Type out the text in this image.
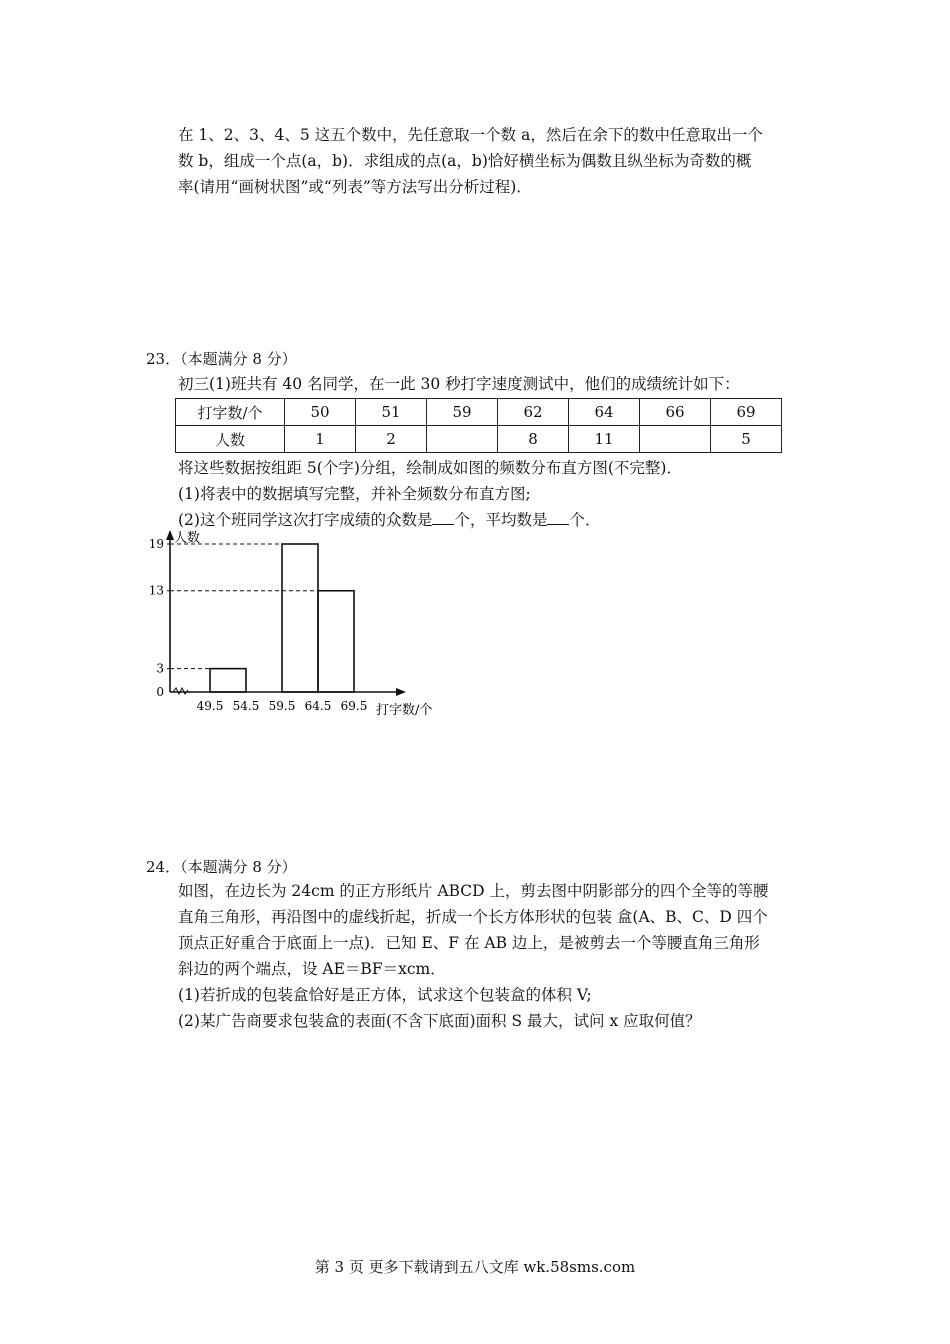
在 1、2、3、4、5 这五个数中，先任意取一个数 a，然后在余下的数中任意取出一个
数 b，组成一个点(a，b)．求组成的点(a，b)恰好横坐标为偶数且纵坐标为奇数的概
率(请用“画树状图”或“列表”等方法写出分析过程)．
23．（本题满分 8 分）
初三(1)班共有 40 名同学，在一此 30 秒打字速度测试中，他们的成绩统计如下：
打字数/个	50	51	59	62	64	66	69
人数	1	2		8	11		5
将这些数据按组距 5(个字)分组，绘制成如图的频数分布直方图(不完整)．
(1)将表中的数据填写完整，并补全频数分布直方图;
(2)这个班同学这次打字成绩的众数是 个，平均数是 个．
人数
打字数/个
0
3
13
19
49.5 54.5 59.5 64.5 69.5
24．（本题满分 8 分）
如图，在边长为 24cm 的正方形纸片 ABCD 上，剪去图中阴影部分的四个全等的等腰
直角三角形，再沿图中的虚线折起，折成一个长方体形状的包装 盒(A、B、C、D 四个
顶点正好重合于底面上一点)．已知 E、F 在 AB 边上，是被剪去一个等腰直角三角形
斜边的两个端点，设 AE＝BF＝xcm．
(1)若折成的包装盒恰好是正方体，试求这个包装盒的体积 V;
(2)某广告商要求包装盒的表面(不含下底面)面积 S 最大，试问 x 应取何值？
第 3 页 更多下载请到五八文库 wk.58sms.com
